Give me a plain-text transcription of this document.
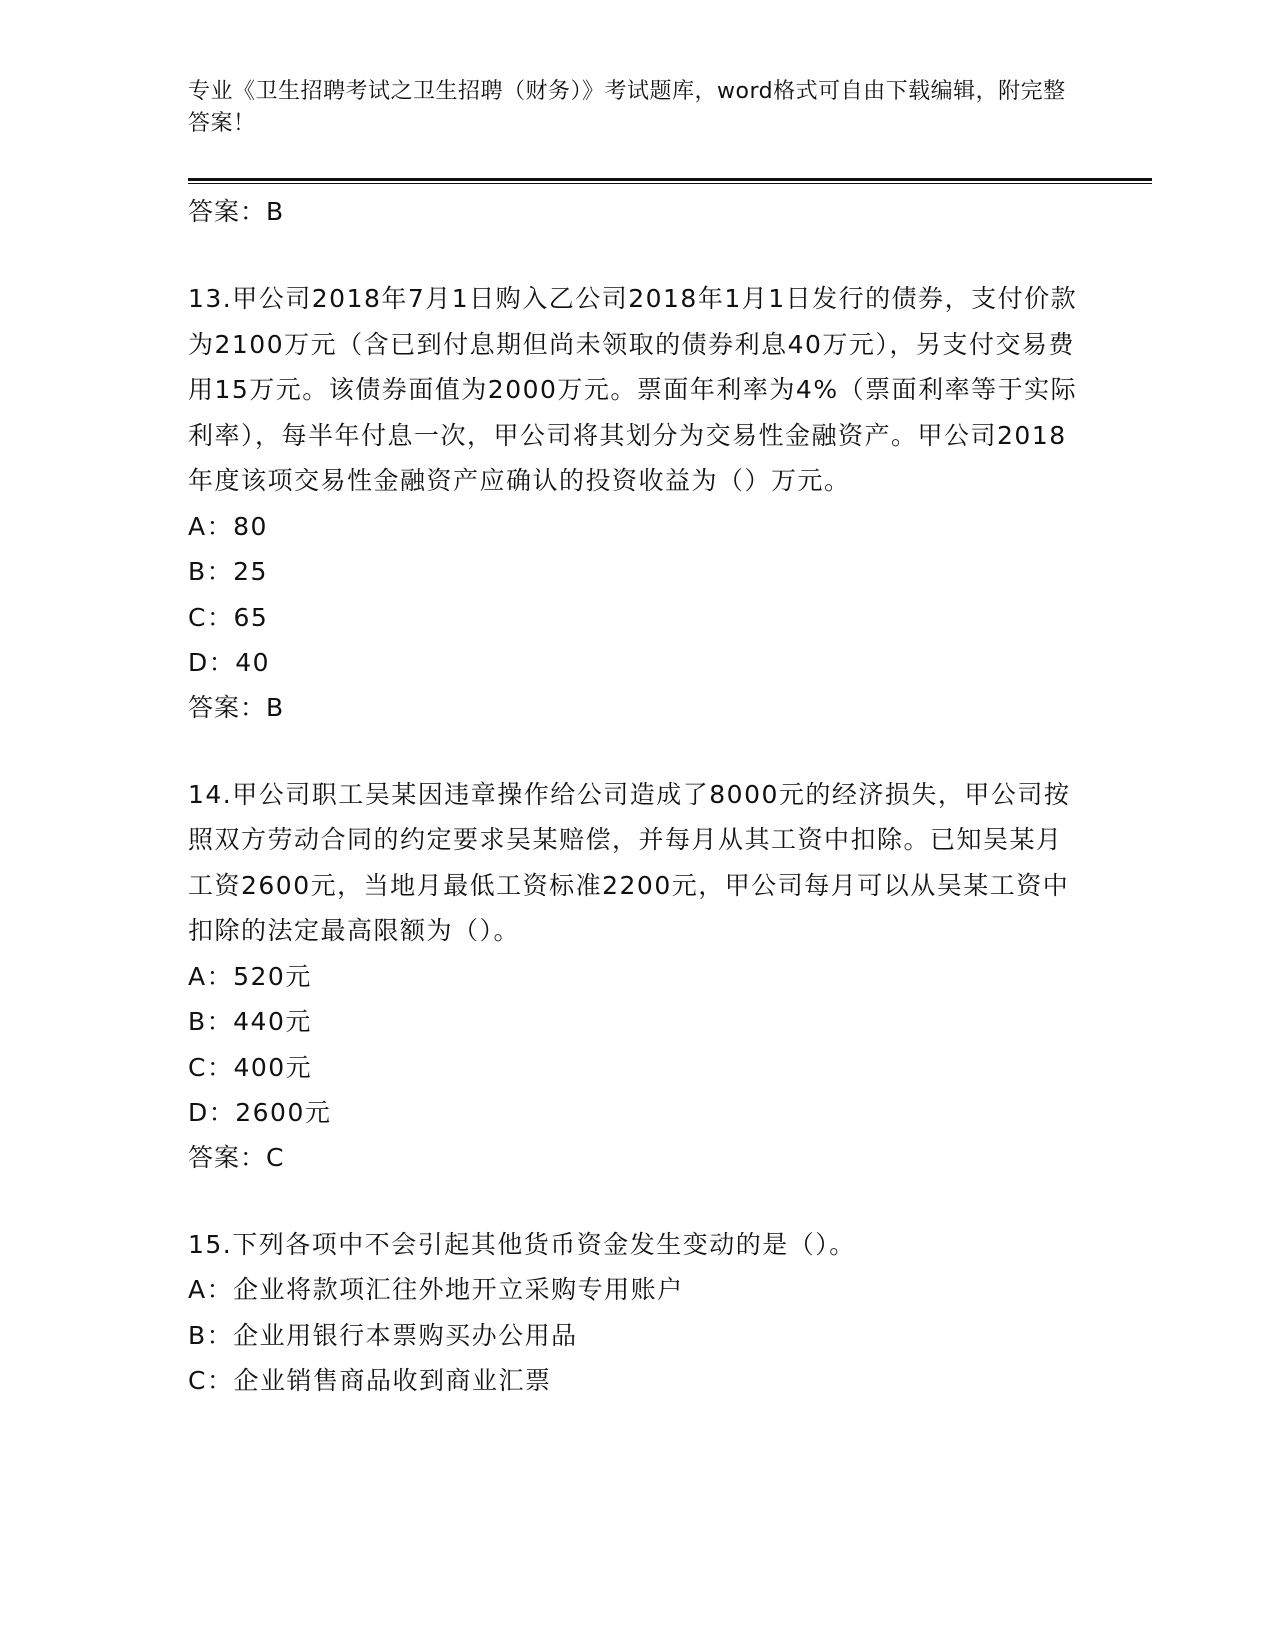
专业《卫生招聘考试之卫生招聘（财务）》考试题库，word格式可自由下载编辑，附完整答案！

答案：B

13.甲公司2018年7月1日购入乙公司2018年1月1日发行的债券，支付价款为2100万元（含已到付息期但尚未领取的债券利息40万元），另支付交易费用15万元。该债券面值为2000万元。票面年利率为4%（票面利率等于实际利率），每半年付息一次，甲公司将其划分为交易性金融资产。甲公司2018年度该项交易性金融资产应确认的投资收益为（）万元。

A：80

B：25

C：65

D：40

答案：B

14.甲公司职工吴某因违章操作给公司造成了8000元的经济损失，甲公司按照双方劳动合同的约定要求吴某赔偿，并每月从其工资中扣除。已知吴某月工资2600元，当地月最低工资标准2200元，甲公司每月可以从吴某工资中扣除的法定最高限额为（）。

A：520元

B：440元

C：400元

D：2600元

答案：C

15.下列各项中不会引起其他货币资金发生变动的是（）。

A：企业将款项汇往外地开立采购专用账户

B：企业用银行本票购买办公用品

C：企业销售商品收到商业汇票
